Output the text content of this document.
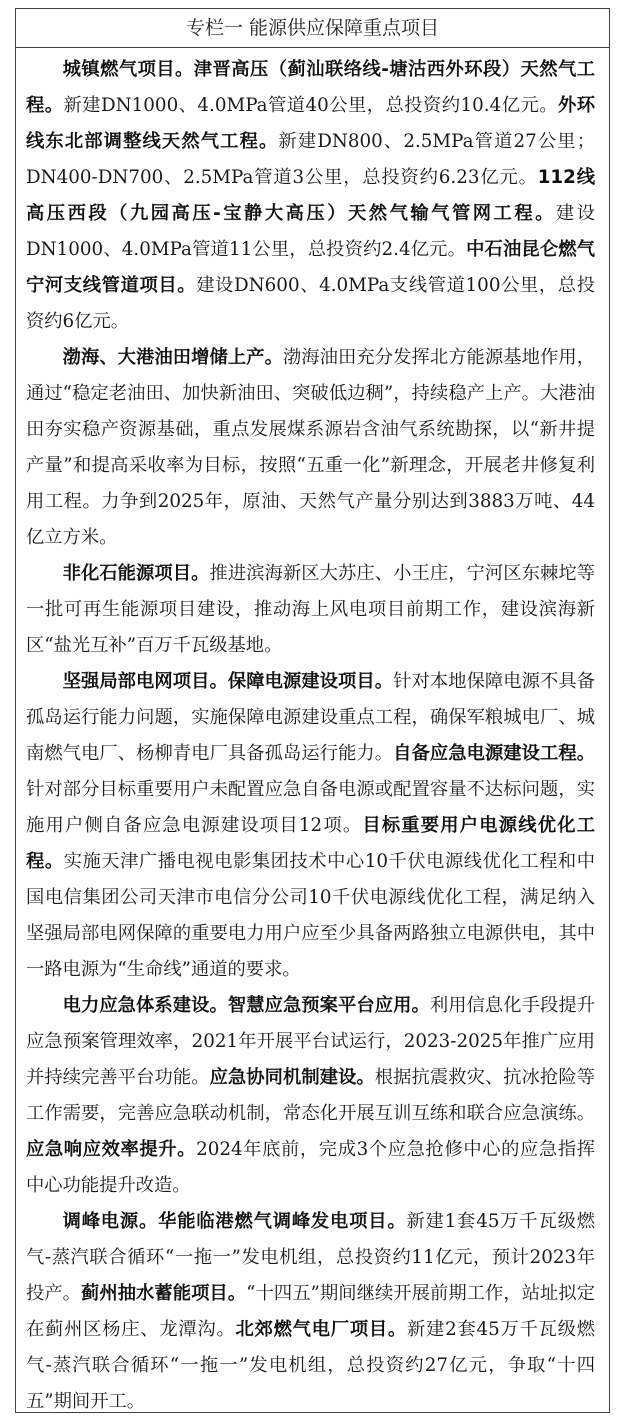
专栏一 能源供应保障重点项目

城镇燃气项目。津晋高压（蓟汕联络线-塘沽西外环段）天然气工程。新建DN1000、4.0MPa管道40公里，总投资约10.4亿元。外环线东北部调整线天然气工程。新建DN800、2.5MPa管道27公里；DN400-DN700、2.5MPa管道3公里，总投资约6.23亿元。112线高压西段（九园高压-宝静大高压）天然气输气管网工程。建设DN1000、4.0MPa管道11公里，总投资约2.4亿元。中石油昆仑燃气宁河支线管道项目。建设DN600、4.0MPa支线管道100公里，总投资约6亿元。

渤海、大港油田增储上产。渤海油田充分发挥北方能源基地作用，通过“稳定老油田、加快新油田、突破低边稠”，持续稳产上产。大港油田夯实稳产资源基础，重点发展煤系源岩含油气系统勘探，以“新井提产量”和提高采收率为目标，按照“五重一化”新理念，开展老井修复利用工程。力争到2025年，原油、天然气产量分别达到3883万吨、44亿立方米。

非化石能源项目。推进滨海新区大苏庄、小王庄，宁河区东棘坨等一批可再生能源项目建设，推动海上风电项目前期工作，建设滨海新区“盐光互补”百万千瓦级基地。

坚强局部电网项目。保障电源建设项目。针对本地保障电源不具备孤岛运行能力问题，实施保障电源建设重点工程，确保军粮城电厂、城南燃气电厂、杨柳青电厂具备孤岛运行能力。自备应急电源建设工程。针对部分目标重要用户未配置应急自备电源或配置容量不达标问题，实施用户侧自备应急电源建设项目12项。目标重要用户电源线优化工程。实施天津广播电视电影集团技术中心10千伏电源线优化工程和中国电信集团公司天津市电信分公司10千伏电源线优化工程，满足纳入坚强局部电网保障的重要电力用户应至少具备两路独立电源供电，其中一路电源为“生命线”通道的要求。

电力应急体系建设。智慧应急预案平台应用。利用信息化手段提升应急预案管理效率，2021年开展平台试运行，2023-2025年推广应用并持续完善平台功能。应急协同机制建设。根据抗震救灾、抗冰抢险等工作需要，完善应急联动机制，常态化开展互训互练和联合应急演练。应急响应效率提升。2024年底前，完成3个应急抢修中心的应急指挥中心功能提升改造。

调峰电源。华能临港燃气调峰发电项目。新建1套45万千瓦级燃气-蒸汽联合循环“一拖一”发电机组，总投资约11亿元，预计2023年投产。蓟州抽水蓄能项目。“十四五”期间继续开展前期工作，站址拟定在蓟州区杨庄、龙潭沟。北郊燃气电厂项目。新建2套45万千瓦级燃气-蒸汽联合循环“一拖一”发电机组，总投资约27亿元，争取“十四五”期间开工。
